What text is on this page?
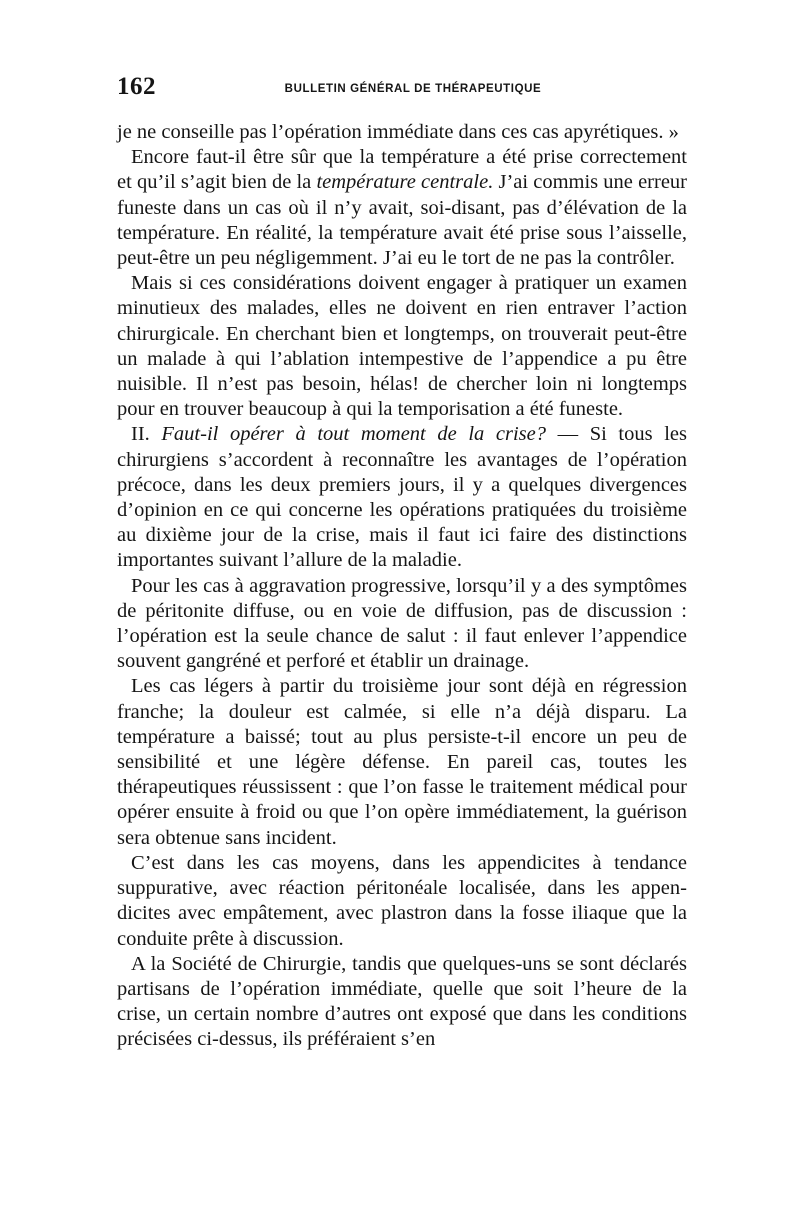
162	BULLETIN GÉNÉRAL DE THÉRAPEUTIQUE

je ne conseille pas l’opération immédiate dans ces cas apyrétiques. »

Encore faut-il être sûr que la température a été prise correctement et qu’il s’agit bien de la température centrale. J’ai commis une erreur funeste dans un cas où il n’y avait, soi-disant, pas d’élévation de la température. En réalité, la température avait été prise sous l’aisselle, peut-être un peu négligemment. J’ai eu le tort de ne pas la contrôler.

Mais si ces considérations doivent engager à pratiquer un examen minutieux des malades, elles ne doivent en rien entraver l’action chirurgicale. En cherchant bien et longtemps, on trouverait peut-être un malade à qui l’ablation intempestive de l’appendice a pu être nuisible. Il n’est pas besoin, hélas! de chercher loin ni longtemps pour en trouver beaucoup à qui la temporisation a été funeste.

II. Faut-il opérer à tout moment de la crise? — Si tous les chirurgiens s’accordent à reconnaître les avantages de l’opération précoce, dans les deux premiers jours, il y a quelques divergences d’opinion en ce qui concerne les opérations pratiquées du troisième au dixième jour de la crise, mais il faut ici faire des distinctions importantes suivant l’allure de la maladie.

Pour les cas à aggravation progressive, lorsqu’il y a des symptômes de péritonite diffuse, ou en voie de diffusion, pas de discussion : l’opération est la seule chance de salut : il faut enlever l’appendice souvent gangréné et perforé et établir un drainage.

Les cas légers à partir du troisième jour sont déjà en régression franche; la douleur est calmée, si elle n’a déjà disparu. La température a baissé; tout au plus persiste-t-il encore un peu de sensibilité et une légère défense. En pareil cas, toutes les thérapeutiques réussissent : que l’on fasse le traitement médical pour opérer ensuite à froid ou que l’on opère immédiatement, la guérison sera obtenue sans incident.

C’est dans les cas moyens, dans les appendicites à tendance suppurative, avec réaction péritonéale localisée, dans les appendicites avec empâtement, avec plastron dans la fosse iliaque que la conduite prête à discussion.

A la Société de Chirurgie, tandis que quelques-uns se sont déclarés partisans de l’opération immédiate, quelle que soit l’heure de la crise, un certain nombre d’autres ont exposé que dans les conditions précisées ci-dessus, ils préféraient s’en
